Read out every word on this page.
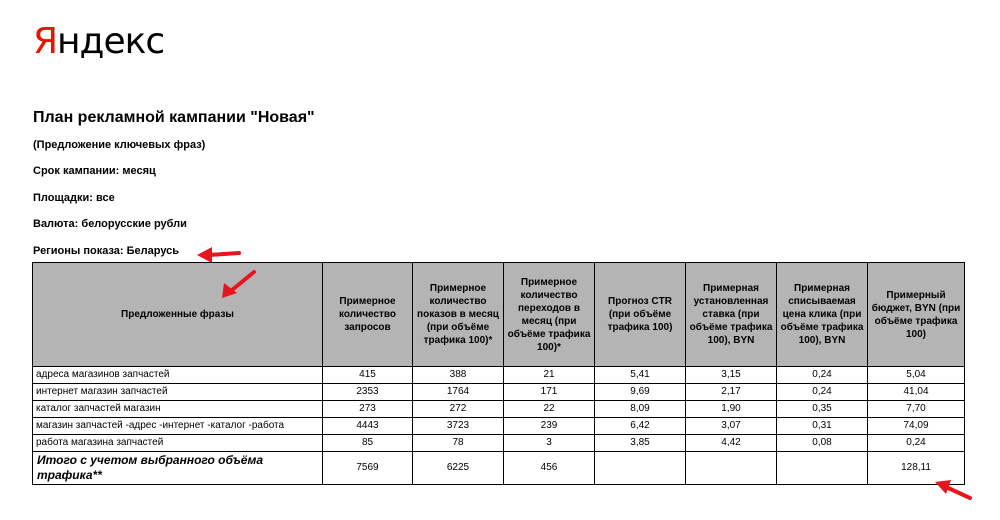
Яндекс
План рекламной кампании "Новая"
(Предложение ключевых фраз)
Срок кампании: месяц
Площадки: все
Валюта: белорусские рубли
Регионы показа: Беларусь
Предложенные фразы	Примерное количество запросов	Примерное количество показов в месяц (при объёме трафика 100)*	Примерное количество переходов в месяц (при объёме трафика 100)*	Прогноз CTR (при объёме трафика 100)	Примерная установленная ставка (при объёме трафика 100), BYN	Примерная списываемая цена клика (при объёме трафика 100), BYN	Примерный бюджет, BYN (при объёме трафика 100)
адреса магазинов запчастей	415	388	21	5,41	3,15	0,24	5,04
интернет магазин запчастей	2353	1764	171	9,69	2,17	0,24	41,04
каталог запчастей магазин	273	272	22	8,09	1,90	0,35	7,70
магазин запчастей -адрес -интернет -каталог -работа	4443	3723	239	6,42	3,07	0,31	74,09
работа магазина запчастей	85	78	3	3,85	4,42	0,08	0,24
Итого с учетом выбранного объёма трафика**	7569	6225	456				128,11
